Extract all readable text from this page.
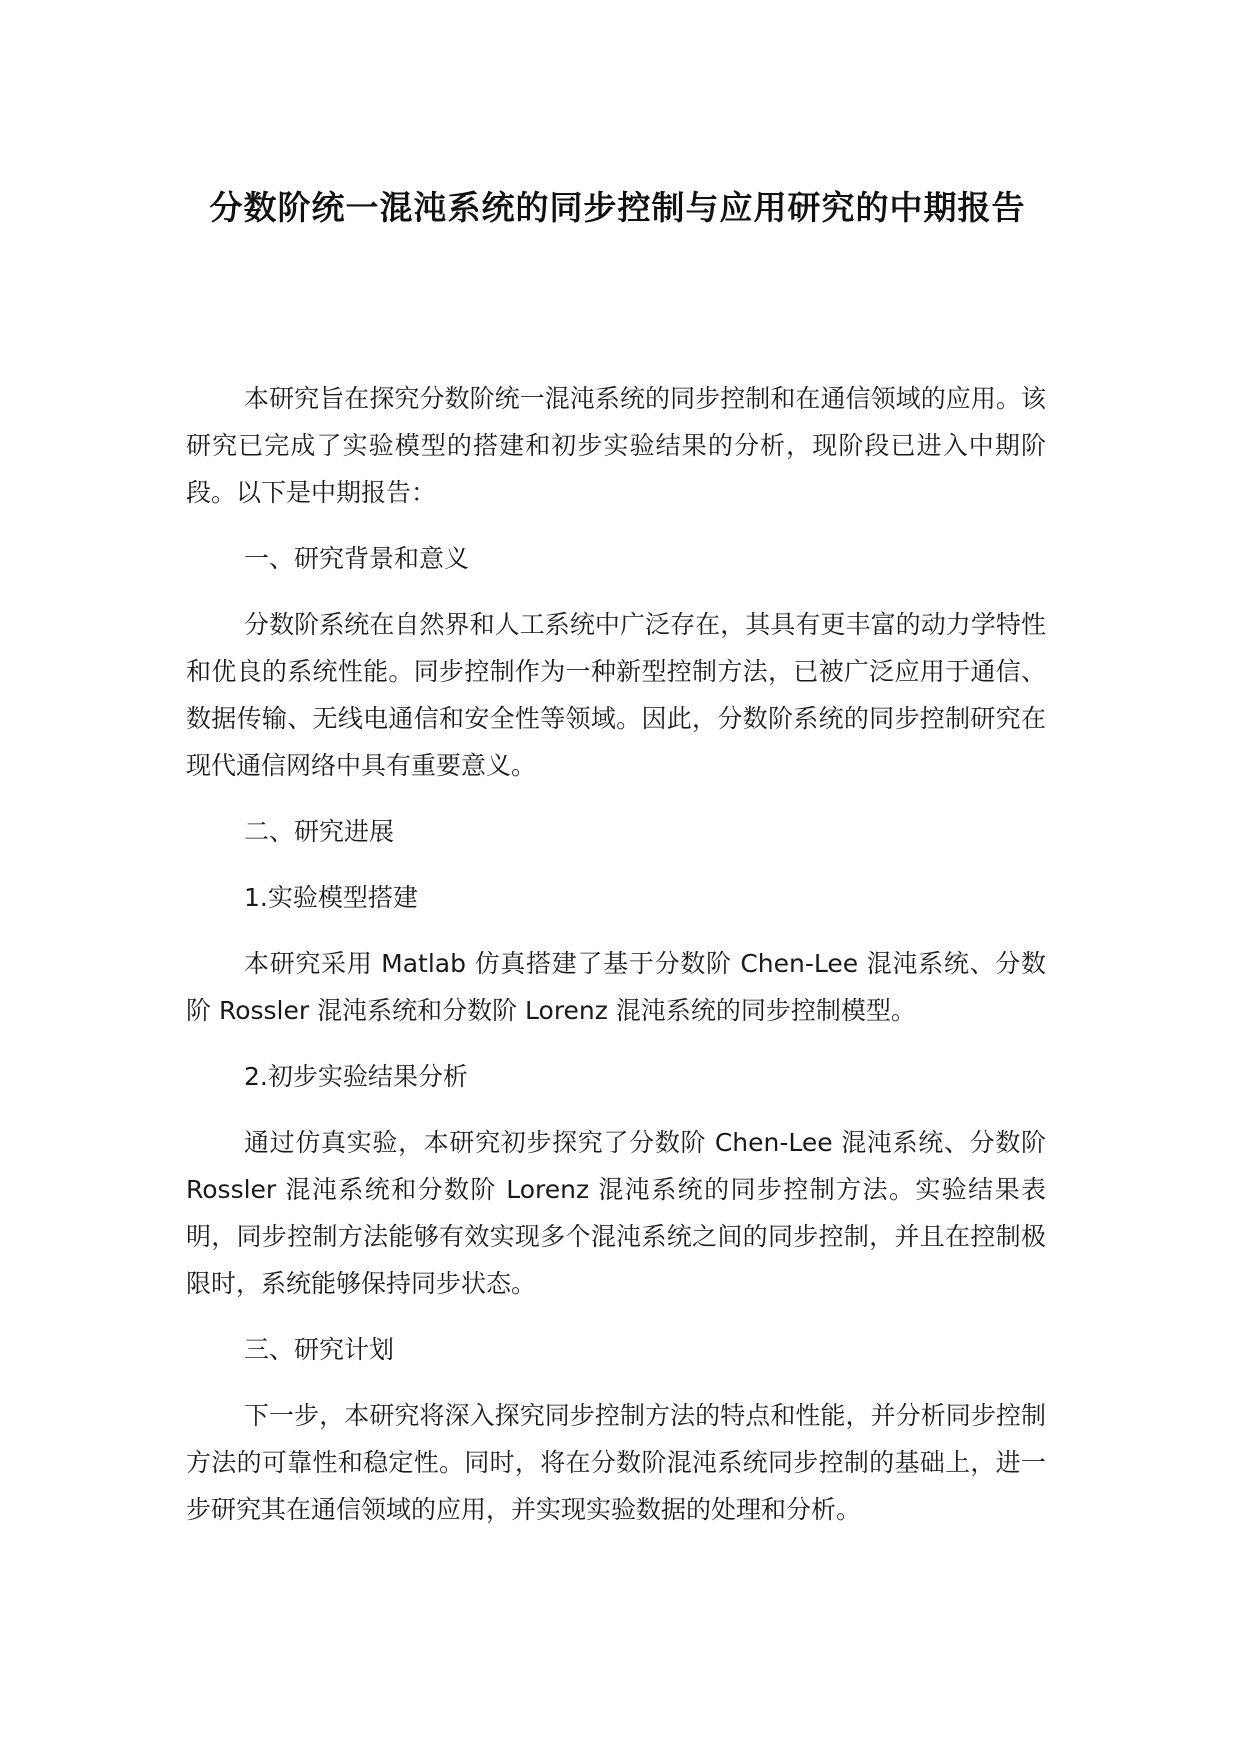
分数阶统一混沌系统的同步控制与应用研究的中期报告

本研究旨在探究分数阶统一混沌系统的同步控制和在通信领域的应用。该研究已完成了实验模型的搭建和初步实验结果的分析，现阶段已进入中期阶段。以下是中期报告：

一、研究背景和意义

分数阶系统在自然界和人工系统中广泛存在，其具有更丰富的动力学特性和优良的系统性能。同步控制作为一种新型控制方法，已被广泛应用于通信、数据传输、无线电通信和安全性等领域。因此，分数阶系统的同步控制研究在现代通信网络中具有重要意义。

二、研究进展

1.实验模型搭建

本研究采用 Matlab 仿真搭建了基于分数阶 Chen-Lee 混沌系统、分数阶 Rossler 混沌系统和分数阶 Lorenz 混沌系统的同步控制模型。

2.初步实验结果分析

通过仿真实验，本研究初步探究了分数阶 Chen-Lee 混沌系统、分数阶 Rossler 混沌系统和分数阶 Lorenz 混沌系统的同步控制方法。实验结果表明，同步控制方法能够有效实现多个混沌系统之间的同步控制，并且在控制极限时，系统能够保持同步状态。

三、研究计划

下一步，本研究将深入探究同步控制方法的特点和性能，并分析同步控制方法的可靠性和稳定性。同时，将在分数阶混沌系统同步控制的基础上，进一步研究其在通信领域的应用，并实现实验数据的处理和分析。
